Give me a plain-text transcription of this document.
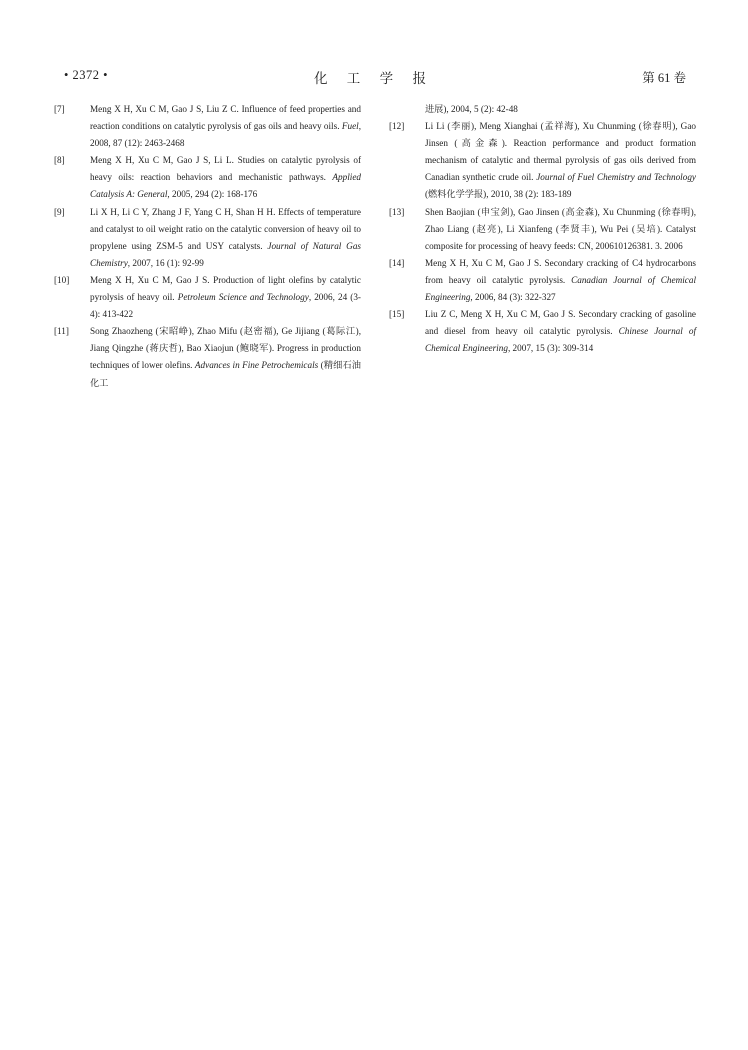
• 2372 •	化 工 学 报	第 61 卷
[7]	Meng X H, Xu C M, Gao J S, Liu Z C. Influence of feed properties and reaction conditions on catalytic pyrolysis of gas oils and heavy oils. Fuel, 2008, 87 (12): 2463-2468
[8]	Meng X H, Xu C M, Gao J S, Li L. Studies on catalytic pyrolysis of heavy oils: reaction behaviors and mechanistic pathways. Applied Catalysis A: General, 2005, 294 (2): 168-176
[9]	Li X H, Li C Y, Zhang J F, Yang C H, Shan H H. Effects of temperature and catalyst to oil weight ratio on the catalytic conversion of heavy oil to propylene using ZSM-5 and USY catalysts. Journal of Natural Gas Chemistry, 2007, 16 (1): 92-99
[10]	Meng X H, Xu C M, Gao J S. Production of light olefins by catalytic pyrolysis of heavy oil. Petroleum Science and Technology, 2006, 24 (3-4): 413-422
[11]	Song Zhaozheng (宋昭峥), Zhao Mifu (赵密福), Ge Jijiang (葛际江), Jiang Qingzhe (蒋庆哲), Bao Xiaojun (鲍晓军). Progress in production techniques of lower olefins. Advances in Fine Petrochemicals (精细石油化工
进展), 2004, 5 (2): 42-48
[12]	Li Li (李丽), Meng Xianghai (孟祥海), Xu Chunming (徐春明), Gao Jinsen (高金森). Reaction performance and product formation mechanism of catalytic and thermal pyrolysis of gas oils derived from Canadian synthetic crude oil. Journal of Fuel Chemistry and Technology (燃料化学学报), 2010, 38 (2): 183-189
[13]	Shen Baojian (申宝剑), Gao Jinsen (高金森), Xu Chunming (徐春明), Zhao Liang (赵亮), Li Xianfeng (李贤丰), Wu Pei (吴培). Catalyst composite for processing of heavy feeds: CN, 200610126381. 3. 2006
[14]	Meng X H, Xu C M, Gao J S. Secondary cracking of C4 hydrocarbons from heavy oil catalytic pyrolysis. Canadian Journal of Chemical Engineering, 2006, 84 (3): 322-327
[15]	Liu Z C, Meng X H, Xu C M, Gao J S. Secondary cracking of gasoline and diesel from heavy oil catalytic pyrolysis. Chinese Journal of Chemical Engineering, 2007, 15 (3): 309-314
